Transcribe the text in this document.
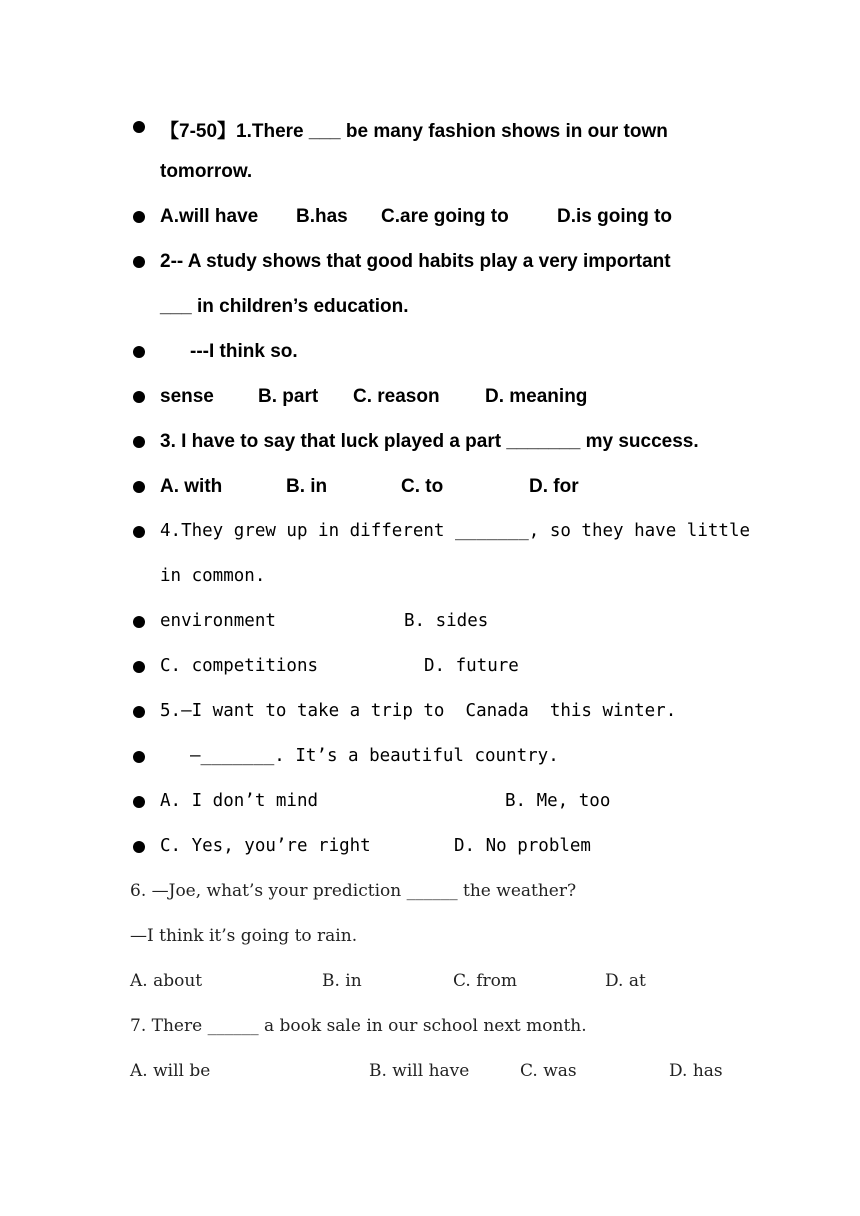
【7-50】1.There ___ be many fashion shows in our town
tomorrow.
A.will have B.has C.are going to	D.is going to
2-- A study shows that good habits play a very important
___ in children’s education.
---I think so.
sense B. part C. reason D. meaning
3. I have to say that luck played a part _______ my success.
A. with	B. in	C. to	D. for
4.They grew up in different _______, so they have little
in common.
environment	B. sides
C. competitions	D. future
5.—I want to take a trip to  Canada  this winter.
—_______. It’s a beautiful country.
A. I don’t mind	B. Me, too
C. Yes, you’re right	D. No problem
6. —Joe, what’s your prediction ______ the weather?
—I think it’s going to rain.
A. about	B. in	C. from	D. at
7. There ______ a book sale in our school next month.
A. will be	B. will have	C. was	D. has
